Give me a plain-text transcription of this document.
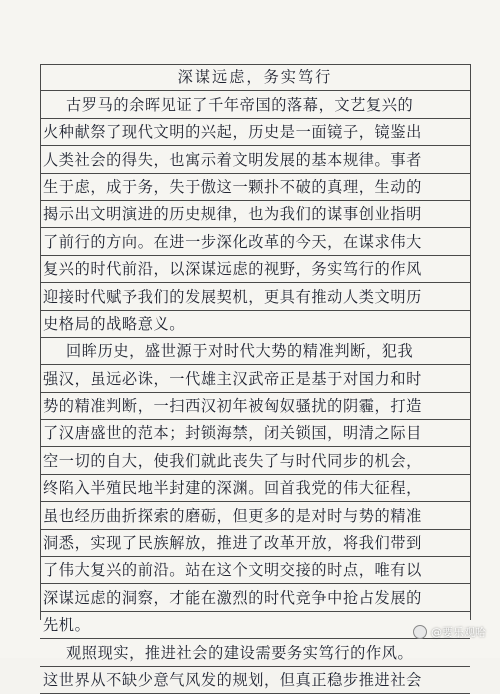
深谋远虑，务实笃行
古罗马的余晖见证了千年帝国的落幕，文艺复兴的
火种献祭了现代文明的兴起，历史是一面镜子，镜鉴出
人类社会的得失，也寓示着文明发展的基本规律。事者
生于虑，成于务，失于傲这一颗扑不破的真理，生动的
揭示出文明演进的历史规律，也为我们的谋事创业指明
了前行的方向。在进一步深化改革的今天，在谋求伟大
复兴的时代前沿，以深谋远虑的视野，务实笃行的作风
迎接时代赋予我们的发展契机，更具有推动人类文明历
史格局的战略意义。
回眸历史，盛世源于对时代大势的精准判断，犯我
强汉，虽远必诛，一代雄主汉武帝正是基于对国力和时
势的精准判断，一扫西汉初年被匈奴骚扰的阴霾，打造
了汉唐盛世的范本；封锁海禁，闭关锁国，明清之际目
空一切的自大，使我们就此丧失了与时代同步的机会，
终陷入半殖民地半封建的深渊。回首我党的伟大征程，
虽也经历曲折探索的磨砺，但更多的是对时与势的精准
洞悉，实现了民族解放，推进了改革开放，将我们带到
了伟大复兴的前沿。站在这个文明交接的时点，唯有以
深谋远虑的洞察，才能在激烈的时代竞争中抢占发展的
先机。
观照现实，推进社会的建设需要务实笃行的作风。
这世界从不缺少意气风发的规划，但真正稳步推进社会
@要乐观哈
